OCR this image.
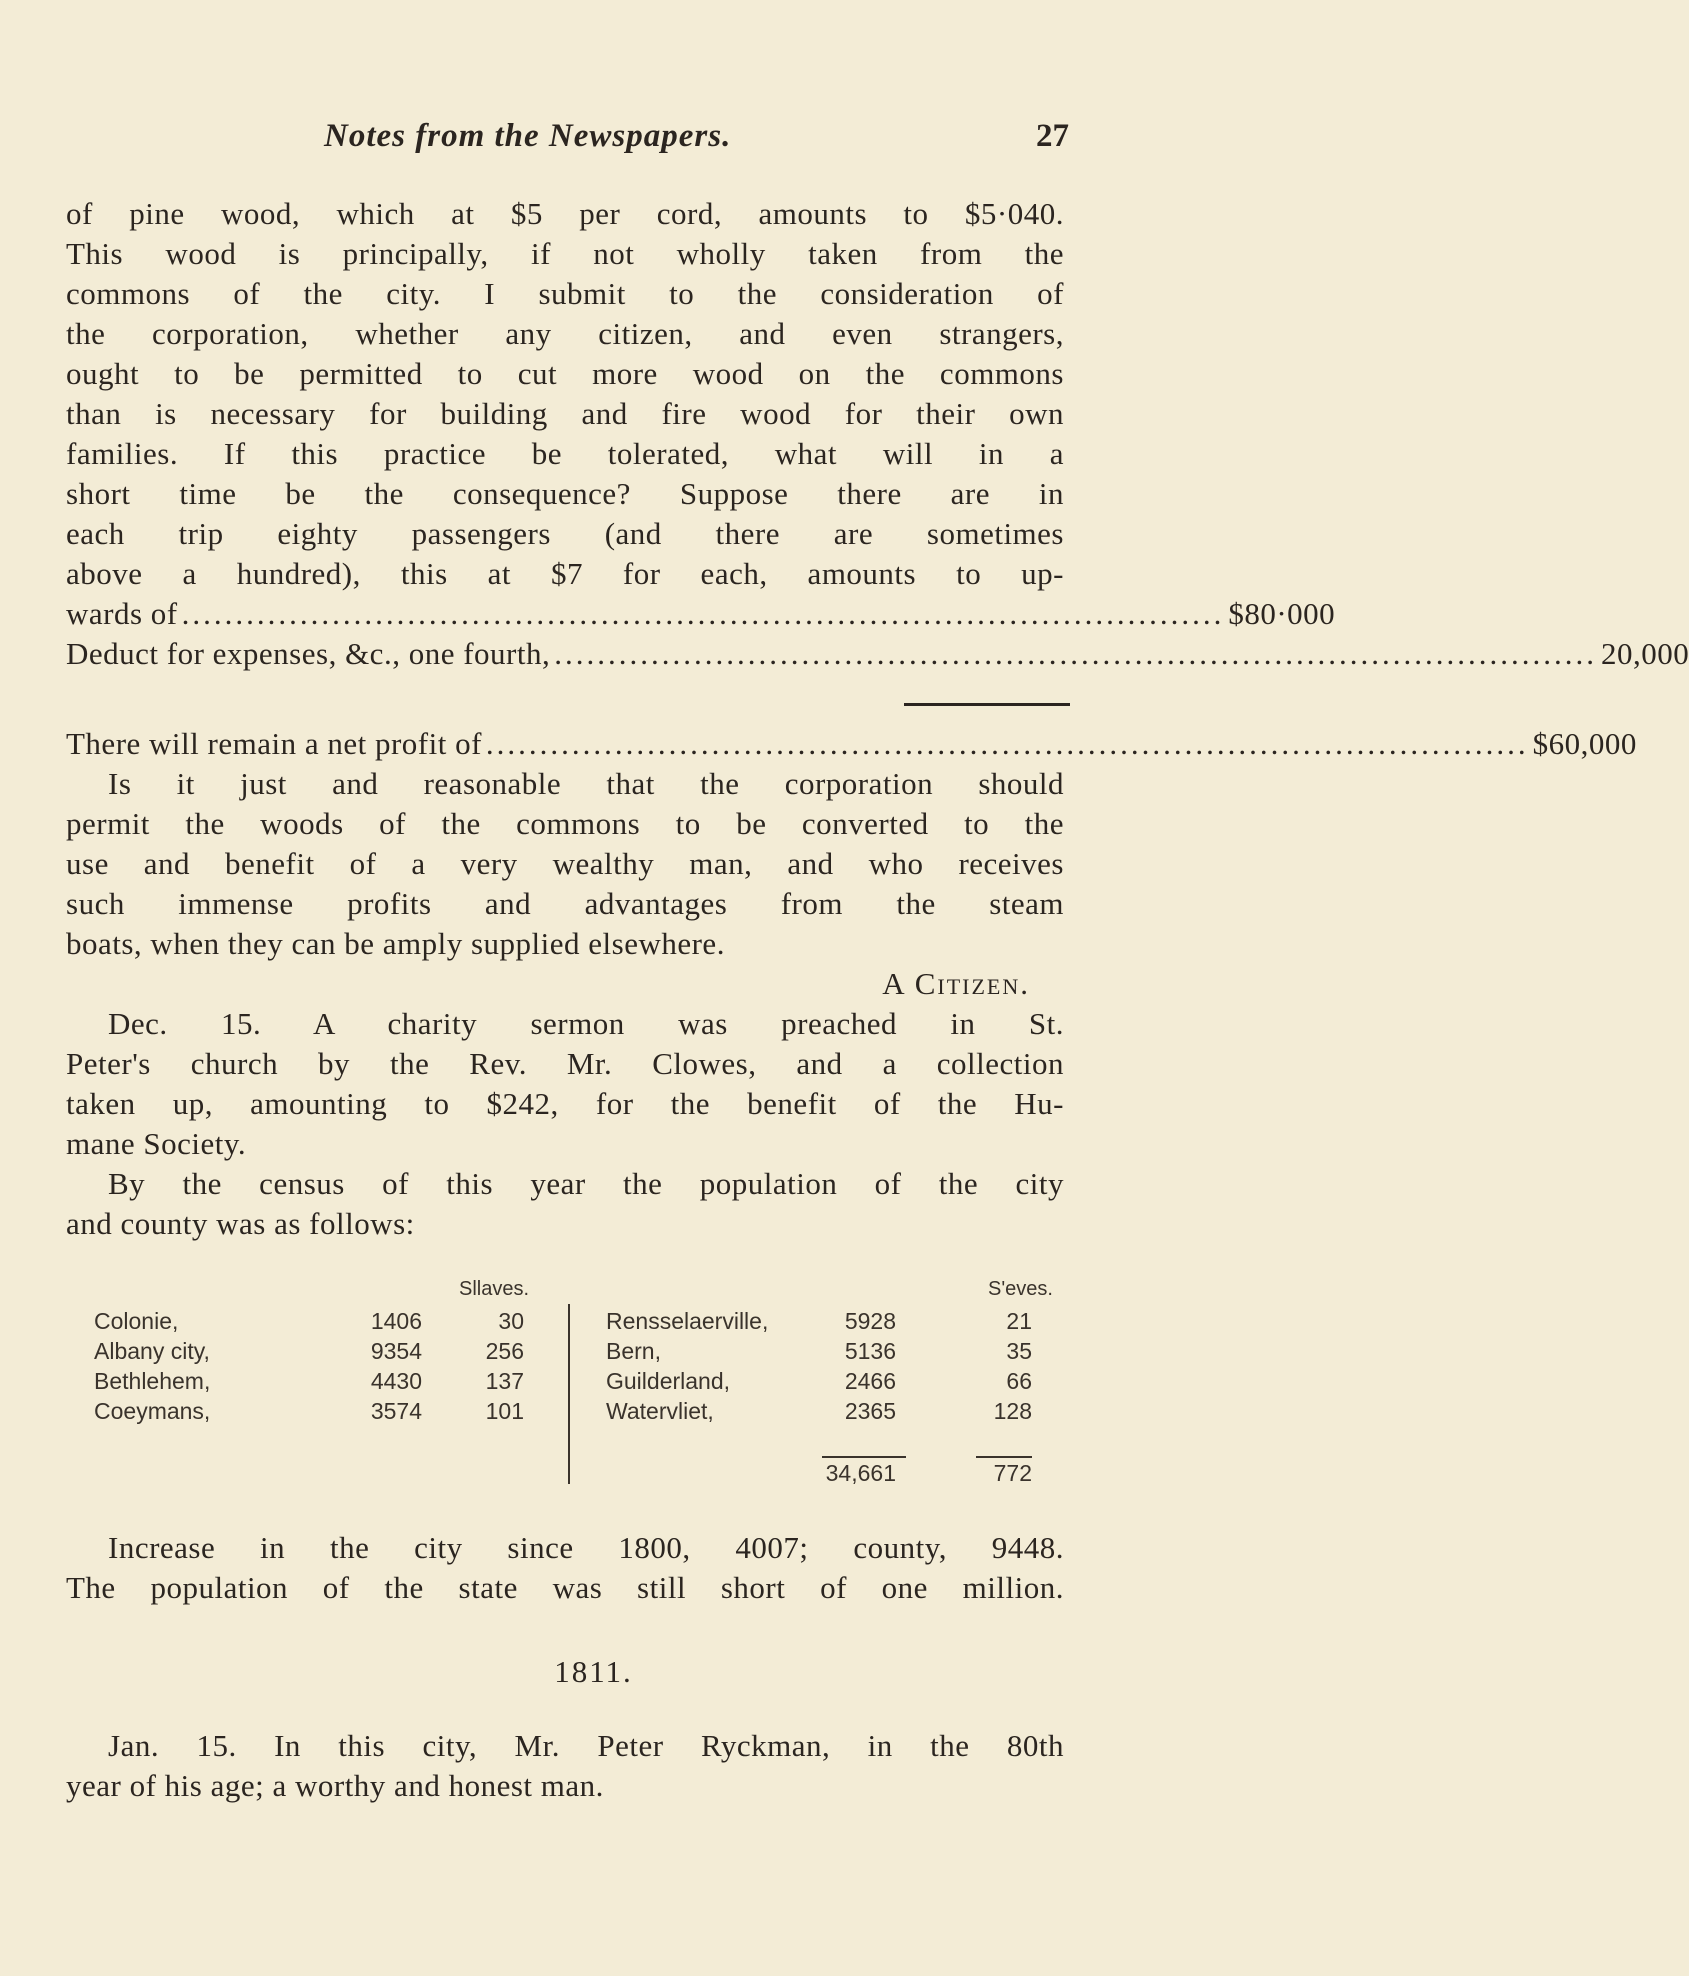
Notes from the Newspapers.	27
of pine wood, which at $5 per cord, amounts to $5·040.
This wood is principally, if not wholly taken from the
commons of the city. I submit to the consideration of
the corporation, whether any citizen, and even strangers,
ought to be permitted to cut more wood on the commons
than is necessary for building and fire wood for their own
families. If this practice be tolerated, what will in a
short time be the consequence? Suppose there are in
each trip eighty passengers (and there are sometimes
above a hundred), this at $7 for each, amounts to up-
wards of ................................................................................................. $80·000
Deduct for expenses, &c., one fourth, ................................................................................................. 20,000
There will remain a net profit of ................................................................................................. $60,000
Is it just and reasonable that the corporation should
permit the woods of the commons to be converted to the
use and benefit of a very wealthy man, and who receives
such immense profits and advantages from the steam
boats, when they can be amply supplied elsewhere.
A Citizen.
Dec. 15. A charity sermon was preached in St.
Peter's church by the Rev. Mr. Clowes, and a collection
taken up, amounting to $242, for the benefit of the Hu-
mane Society.
By the census of this year the population of the city
and county was as follows:
Sllaves.	S'eves.
Colonie,	1406	30	Rensselaerville,	5928	21
Albany city,	9354	256	Bern,	5136	35
Bethlehem,	4430	137	Guilderland,	2466	66
Coeymans,	3574	101	Watervliet,	2365	128
34,661	772
Increase in the city since 1800, 4007; county, 9448.
The population of the state was still short of one million.
1811.
Jan. 15. In this city, Mr. Peter Ryckman, in the 80th
year of his age; a worthy and honest man.
